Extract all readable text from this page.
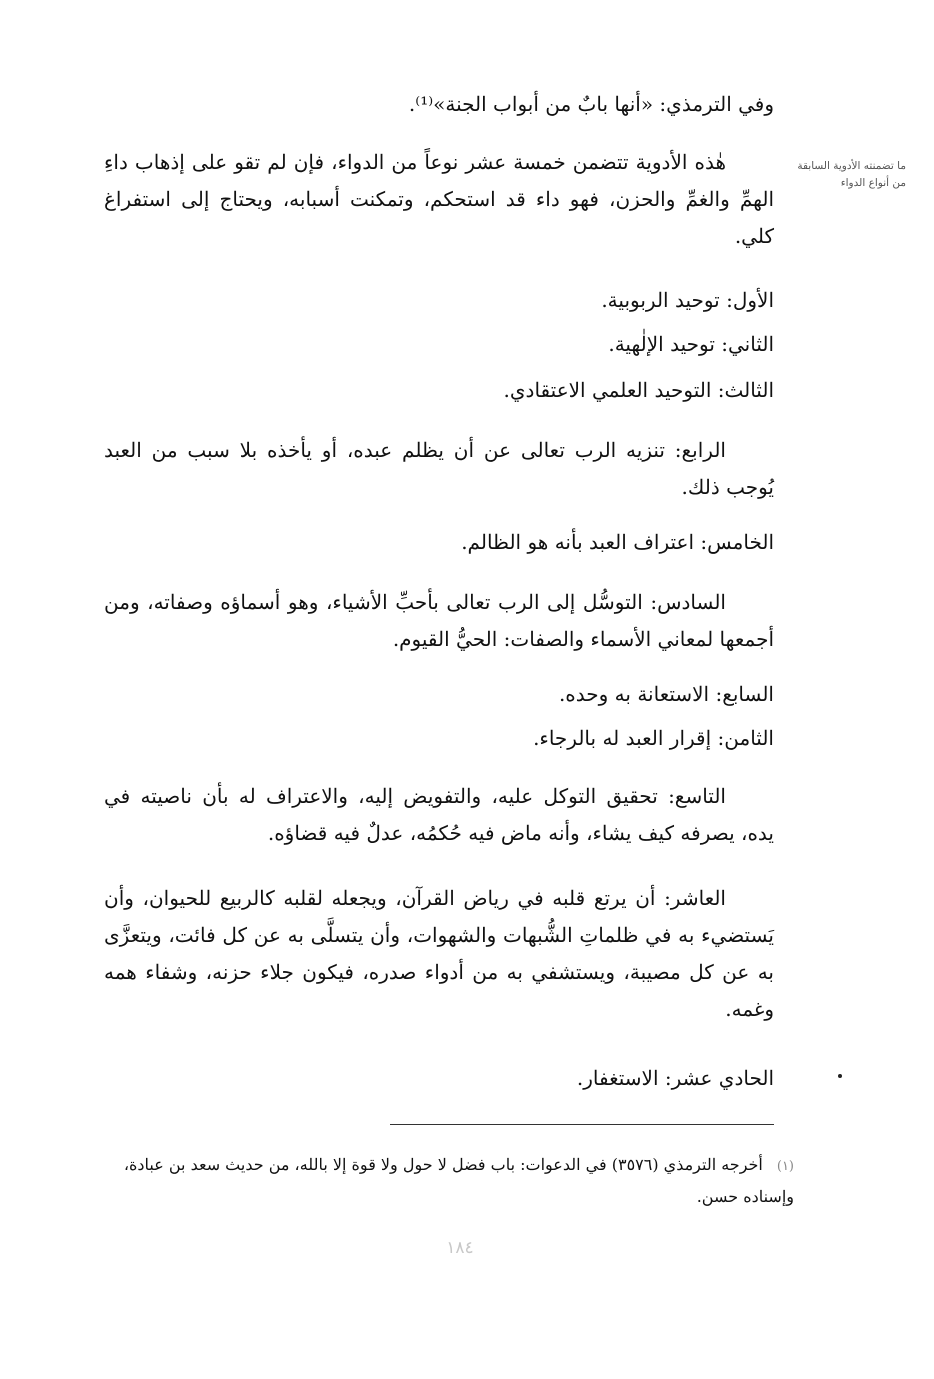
وفي الترمذي: «أنها بابٌ من أبواب الجنة»⁽¹⁾.

ما تضمنته الأدوية السابقة من أنواع الدواء

هٰذه الأدوية تتضمن خمسة عشر نوعاً من الدواء، فإن لم تقو على إذهاب داءِ الهمِّ والغمِّ والحزن، فهو داء قد استحكم، وتمكنت أسبابه، ويحتاج إلى استفراغ كلي.

الأول: توحيد الربوبية.

الثاني: توحيد الإلٰهية.

الثالث: التوحيد العلمي الاعتقادي.

الرابع: تنزيه الرب تعالى عن أن يظلم عبده، أو يأخذه بلا سبب من العبد يُوجب ذلك.

الخامس: اعتراف العبد بأنه هو الظالم.

السادس: التوسُّل إلى الرب تعالى بأحبِّ الأشياء، وهو أسماؤه وصفاته، ومن أجمعها لمعاني الأسماء والصفات: الحيُّ القيوم.

السابع: الاستعانة به وحده.

الثامن: إقرار العبد له بالرجاء.

التاسع: تحقيق التوكل عليه، والتفويض إليه، والاعتراف له بأن ناصيته في يده، يصرفه كيف يشاء، وأنه ماض فيه حُكمُه، عدلٌ فيه قضاؤه.

العاشر: أن يرتع قلبه في رياض القرآن، ويجعله لقلبه كالربيع للحيوان، وأن يَستضيء به في ظلماتِ الشُّبهات والشهوات، وأن يتسلَّى به عن كل فائت، ويتعزَّى به عن كل مصيبة، ويستشفي به من أدواء صدره، فيكون جلاء حزنه، وشفاء همه وغمه.

الحادي عشر: الاستغفار.

(١)أخرجه الترمذي (٣٥٧٦) في الدعوات: باب فضل لا حول ولا قوة إلا بالله، من حديث سعد بن عبادة، وإسناده حسن.
١٨٤
